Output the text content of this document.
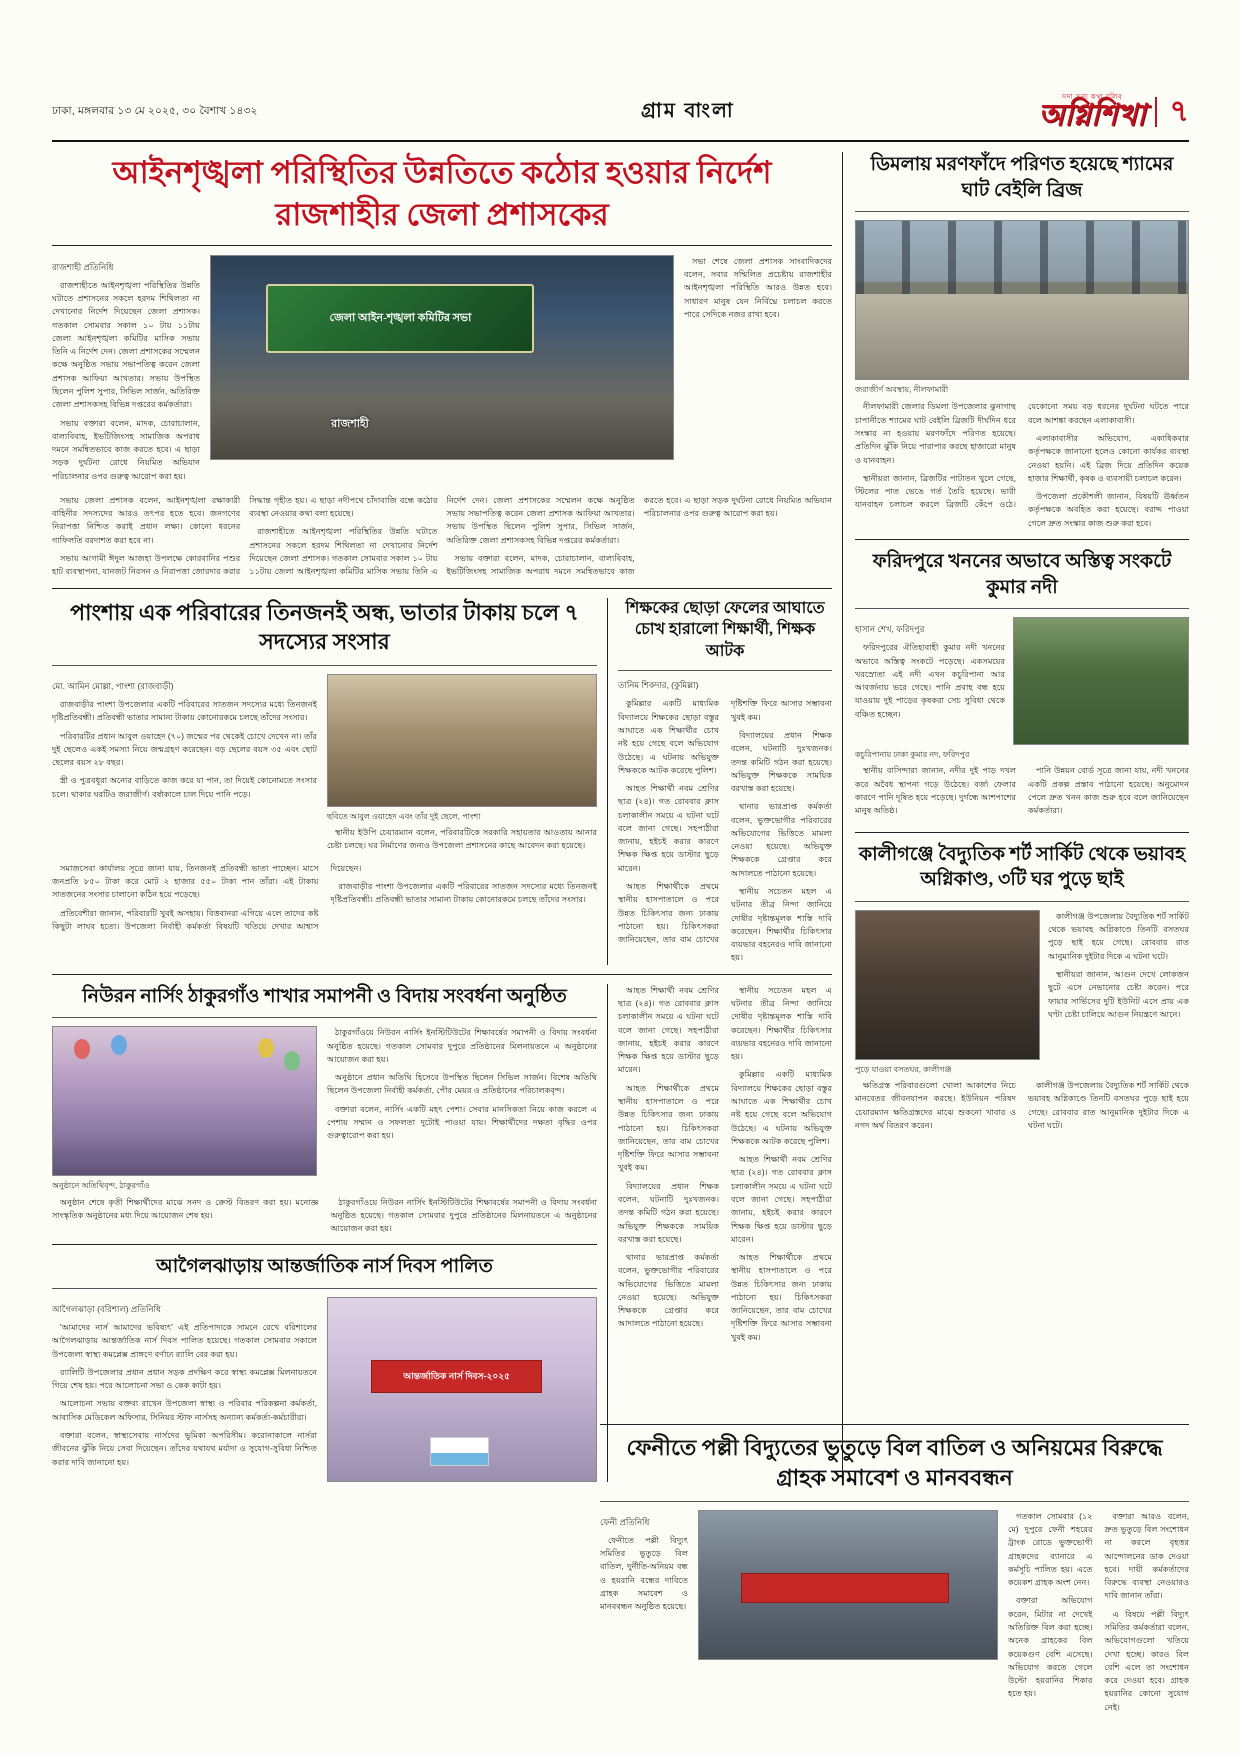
ঢাকা, মঙ্গলবার ১৩ মে ২০২৫, ৩০ বৈশাখ ১৪৩২	গ্রাম বাংলা
সদা সত্য কথা বলিব
অগ্নিশিখা ৭
আইনশৃঙ্খলা পরিস্থিতির উন্নতিতে কঠোর হওয়ার নির্দেশ রাজশাহীর জেলা প্রশাসকের
রাজশাহী প্রতিনিধি

রাজশাহীতে আইনশৃঙ্খলা পরিস্থিতির উন্নতি ঘটাতে প্রশাসনের সকলে হরদম শিথিলতা না দেখানোর নির্দেশ দিয়েছেন জেলা প্রশাসক। গতকাল সোমবার সকাল ১০ টায় ১১টায় জেলা আইনশৃঙ্খলা কমিটির মাসিক সভায় তিনি এ নির্দেশ দেন। জেলা প্রশাসকের সম্মেলন কক্ষে অনুষ্ঠিত সভায় সভাপতিত্ব করেন জেলা প্রশাসক আফিয়া আখতার। সভায় উপস্থিত ছিলেন পুলিশ সুপার, সিভিল সার্জন, অতিরিক্ত জেলা প্রশাসকসহ বিভিন্ন দপ্তরের কর্মকর্তারা।

সভায় বক্তারা বলেন, মাদক, চোরাচালান, বাল্যবিবাহ, ইভটিজিংসহ সামাজিক অপরাধ দমনে সমন্বিতভাবে কাজ করতে হবে। এ ছাড়া সড়ক দুর্ঘটনা রোধে নিয়মিত অভিযান পরিচালনার ওপর গুরুত্ব আরোপ করা হয়।

জেলা আইন-শৃঙ্খলা কমিটির সভা
রাজশাহী

সভা শেষে জেলা প্রশাসক সাংবাদিকদের বলেন, সবার সম্মিলিত প্রচেষ্টায় রাজশাহীর আইনশৃঙ্খলা পরিস্থিতি আরও উন্নত হবে। সাধারণ মানুষ যেন নির্বিঘ্নে চলাচল করতে পারে সেদিকে নজর রাখা হবে।

সভায় জেলা প্রশাসক বলেন, আইনশৃঙ্খলা রক্ষাকারী বাহিনীর সদস্যদের আরও তৎপর হতে হবে। জনগণের নিরাপত্তা নিশ্চিত করাই প্রধান লক্ষ্য। কোনো ধরনের গাফিলতি বরদাশত করা হবে না।

সভায় আগামী ঈদুল আজহা উপলক্ষে কোরবানির পশুর হাট ব্যবস্থাপনা, যানজট নিরসন ও নিরাপত্তা জোরদার করার সিদ্ধান্ত গৃহীত হয়। এ ছাড়া নদীপথে চাঁদাবাজি বন্ধে কঠোর ব্যবস্থা নেওয়ার কথা বলা হয়েছে।

রাজশাহীতে আইনশৃঙ্খলা পরিস্থিতির উন্নতি ঘটাতে প্রশাসনের সকলে হরদম শিথিলতা না দেখানোর নির্দেশ দিয়েছেন জেলা প্রশাসক। গতকাল সোমবার সকাল ১০ টায় ১১টায় জেলা আইনশৃঙ্খলা কমিটির মাসিক সভায় তিনি এ নির্দেশ দেন। জেলা প্রশাসকের সম্মেলন কক্ষে অনুষ্ঠিত সভায় সভাপতিত্ব করেন জেলা প্রশাসক আফিয়া আখতার। সভায় উপস্থিত ছিলেন পুলিশ সুপার, সিভিল সার্জন, অতিরিক্ত জেলা প্রশাসকসহ বিভিন্ন দপ্তরের কর্মকর্তারা।

সভায় বক্তারা বলেন, মাদক, চোরাচালান, বাল্যবিবাহ, ইভটিজিংসহ সামাজিক অপরাধ দমনে সমন্বিতভাবে কাজ করতে হবে। এ ছাড়া সড়ক দুর্ঘটনা রোধে নিয়মিত অভিযান পরিচালনার ওপর গুরুত্ব আরোপ করা হয়।

পাংশায় এক পরিবারের তিনজনই অন্ধ, ভাতার টাকায় চলে ৭ সদস্যের সংসার
মো. আমিন মোল্লা, পাংশা (রাজবাড়ী)

রাজবাড়ীর পাংশা উপজেলার একটি পরিবারের সাতজন সদস্যের মধ্যে তিনজনই দৃষ্টিপ্রতিবন্ধী। প্রতিবন্ধী ভাতার সামান্য টাকায় কোনোরকমে চলছে তাঁদের সংসার।

পরিবারটির প্রধান আবুল ওয়াহেদ (৭০) জন্মের পর থেকেই চোখে দেখেন না। তাঁর দুই ছেলেও একই সমস্যা নিয়ে জন্মগ্রহণ করেছেন। বড় ছেলের বয়স ৩৫ এবং ছোট ছেলের বয়স ২৮ বছর।

স্ত্রী ও পুত্রবধূরা অন্যের বাড়িতে কাজ করে যা পান, তা দিয়েই কোনোমতে সংসার চলে। থাকার ঘরটিও জরাজীর্ণ। বর্ষাকালে চাল দিয়ে পানি পড়ে।

ছবিতে আবুল ওয়াহেদ এবং তাঁর দুই ছেলে, পাংশা

স্থানীয় ইউপি চেয়ারম্যান বলেন, পরিবারটিকে সরকারি সহায়তার আওতায় আনার চেষ্টা চলছে। ঘর নির্মাণের জন্যও উপজেলা প্রশাসনের কাছে আবেদন করা হয়েছে।

সমাজসেবা কার্যালয় সূত্রে জানা যায়, তিনজনই প্রতিবন্ধী ভাতা পাচ্ছেন। মাসে জনপ্রতি ৮৫০ টাকা করে মোট ২ হাজার ৫৫০ টাকা পান তাঁরা। এই টাকায় সাতজনের সংসার চালানো কঠিন হয়ে পড়েছে।

প্রতিবেশীরা জানান, পরিবারটি খুবই অসহায়। বিত্তবানরা এগিয়ে এলে তাদের কষ্ট কিছুটা লাঘব হতো। উপজেলা নির্বাহী কর্মকর্তা বিষয়টি খতিয়ে দেখার আশ্বাস দিয়েছেন।

রাজবাড়ীর পাংশা উপজেলার একটি পরিবারের সাতজন সদস্যের মধ্যে তিনজনই দৃষ্টিপ্রতিবন্ধী। প্রতিবন্ধী ভাতার সামান্য টাকায় কোনোরকমে চলছে তাঁদের সংসার।

শিক্ষকের ছোড়া ফেলের আঘাতে চোখ হারালো শিক্ষার্থী, শিক্ষক আটক
তানিম শিকদার, (কুমিল্লা)

কুমিল্লার একটি মাধ্যমিক বিদ্যালয়ে শিক্ষকের ছোড়া বস্তুর আঘাতে এক শিক্ষার্থীর চোখ নষ্ট হয়ে গেছে বলে অভিযোগ উঠেছে। এ ঘটনায় অভিযুক্ত শিক্ষককে আটক করেছে পুলিশ।

আহত শিক্ষার্থী নবম শ্রেণির ছাত্র (২৪)। গত রোববার ক্লাস চলাকালীন সময়ে এ ঘটনা ঘটে বলে জানা গেছে। সহপাঠীরা জানায়, হইচই করার কারণে শিক্ষক ক্ষিপ্ত হয়ে ডাস্টার ছুড়ে মারেন।

আহত শিক্ষার্থীকে প্রথমে স্থানীয় হাসপাতালে ও পরে উন্নত চিকিৎসার জন্য ঢাকায় পাঠানো হয়। চিকিৎসকরা জানিয়েছেন, তার বাম চোখের দৃষ্টিশক্তি ফিরে আসার সম্ভাবনা খুবই কম।

বিদ্যালয়ের প্রধান শিক্ষক বলেন, ঘটনাটি দুঃখজনক। তদন্ত কমিটি গঠন করা হয়েছে। অভিযুক্ত শিক্ষককে সাময়িক বরখাস্ত করা হয়েছে।

থানার ভারপ্রাপ্ত কর্মকর্তা বলেন, ভুক্তভোগীর পরিবারের অভিযোগের ভিত্তিতে মামলা নেওয়া হয়েছে। অভিযুক্ত শিক্ষককে গ্রেপ্তার করে আদালতে পাঠানো হয়েছে।

স্থানীয় সচেতন মহল এ ঘটনার তীব্র নিন্দা জানিয়ে দোষীর দৃষ্টান্তমূলক শাস্তি দাবি করেছেন। শিক্ষার্থীর চিকিৎসার ব্যয়ভার বহনেরও দাবি জানানো হয়।

নিউরন নার্সিং ঠাকুরগাঁও শাখার সমাপনী ও বিদায় সংবর্ধনা অনুষ্ঠিত
অনুষ্ঠানে অতিথিবৃন্দ, ঠাকুরগাঁও

ঠাকুরগাঁওয়ে নিউরন নার্সিং ইনস্টিটিউটের শিক্ষাবর্ষের সমাপনী ও বিদায় সংবর্ধনা অনুষ্ঠিত হয়েছে। গতকাল সোমবার দুপুরে প্রতিষ্ঠানের মিলনায়তনে এ অনুষ্ঠানের আয়োজন করা হয়।

অনুষ্ঠানে প্রধান অতিথি হিসেবে উপস্থিত ছিলেন সিভিল সার্জন। বিশেষ অতিথি ছিলেন উপজেলা নির্বাহী কর্মকর্তা, পৌর মেয়র ও প্রতিষ্ঠানের পরিচালকবৃন্দ।

বক্তারা বলেন, নার্সিং একটি মহৎ পেশা। সেবার মানসিকতা নিয়ে কাজ করলে এ পেশায় সম্মান ও সফলতা দুটোই পাওয়া যায়। শিক্ষার্থীদের দক্ষতা বৃদ্ধির ওপর গুরুত্বারোপ করা হয়।

অনুষ্ঠান শেষে কৃতী শিক্ষার্থীদের মাঝে সনদ ও ক্রেস্ট বিতরণ করা হয়। মনোজ্ঞ সাংস্কৃতিক অনুষ্ঠানের মধ্য দিয়ে আয়োজন শেষ হয়।

ঠাকুরগাঁওয়ে নিউরন নার্সিং ইনস্টিটিউটের শিক্ষাবর্ষের সমাপনী ও বিদায় সংবর্ধনা অনুষ্ঠিত হয়েছে। গতকাল সোমবার দুপুরে প্রতিষ্ঠানের মিলনায়তনে এ অনুষ্ঠানের আয়োজন করা হয়।

আগৈলঝাড়ায় আন্তর্জাতিক নার্স দিবস পালিত
আগৈলঝাড়া (বরিশাল) প্রতিনিধি

'আমাদের নার্স আমাদের ভবিষ্যৎ' এই প্রতিপাদ্যকে সামনে রেখে বরিশালের আগৈলঝাড়ায় আন্তর্জাতিক নার্স দিবস পালিত হয়েছে। গতকাল সোমবার সকালে উপজেলা স্বাস্থ্য কমপ্লেক্স প্রাঙ্গণে বর্ণাঢ্য র‍্যালি বের করা হয়।

র‍্যালিটি উপজেলার প্রধান প্রধান সড়ক প্রদক্ষিণ করে স্বাস্থ্য কমপ্লেক্স মিলনায়তনে গিয়ে শেষ হয়। পরে আলোচনা সভা ও কেক কাটা হয়।

আলোচনা সভায় বক্তব্য রাখেন উপজেলা স্বাস্থ্য ও পরিবার পরিকল্পনা কর্মকর্তা, আবাসিক মেডিকেল অফিসার, সিনিয়র স্টাফ নার্সসহ অন্যান্য কর্মকর্তা-কর্মচারীরা।

বক্তারা বলেন, স্বাস্থ্যসেবায় নার্সদের ভূমিকা অপরিসীম। করোনাকালে নার্সরা জীবনের ঝুঁকি নিয়ে সেবা দিয়েছেন। তাঁদের যথাযথ মর্যাদা ও সুযোগ-সুবিধা নিশ্চিত করার দাবি জানানো হয়।

আন্তর্জাতিক নার্স দিবস-২০২৫

আহত শিক্ষার্থী নবম শ্রেণির ছাত্র (২৪)। গত রোববার ক্লাস চলাকালীন সময়ে এ ঘটনা ঘটে বলে জানা গেছে। সহপাঠীরা জানায়, হইচই করার কারণে শিক্ষক ক্ষিপ্ত হয়ে ডাস্টার ছুড়ে মারেন।

আহত শিক্ষার্থীকে প্রথমে স্থানীয় হাসপাতালে ও পরে উন্নত চিকিৎসার জন্য ঢাকায় পাঠানো হয়। চিকিৎসকরা জানিয়েছেন, তার বাম চোখের দৃষ্টিশক্তি ফিরে আসার সম্ভাবনা খুবই কম।

বিদ্যালয়ের প্রধান শিক্ষক বলেন, ঘটনাটি দুঃখজনক। তদন্ত কমিটি গঠন করা হয়েছে। অভিযুক্ত শিক্ষককে সাময়িক বরখাস্ত করা হয়েছে।

থানার ভারপ্রাপ্ত কর্মকর্তা বলেন, ভুক্তভোগীর পরিবারের অভিযোগের ভিত্তিতে মামলা নেওয়া হয়েছে। অভিযুক্ত শিক্ষককে গ্রেপ্তার করে আদালতে পাঠানো হয়েছে।

স্থানীয় সচেতন মহল এ ঘটনার তীব্র নিন্দা জানিয়ে দোষীর দৃষ্টান্তমূলক শাস্তি দাবি করেছেন। শিক্ষার্থীর চিকিৎসার ব্যয়ভার বহনেরও দাবি জানানো হয়।

কুমিল্লার একটি মাধ্যমিক বিদ্যালয়ে শিক্ষকের ছোড়া বস্তুর আঘাতে এক শিক্ষার্থীর চোখ নষ্ট হয়ে গেছে বলে অভিযোগ উঠেছে। এ ঘটনায় অভিযুক্ত শিক্ষককে আটক করেছে পুলিশ।

আহত শিক্ষার্থী নবম শ্রেণির ছাত্র (২৪)। গত রোববার ক্লাস চলাকালীন সময়ে এ ঘটনা ঘটে বলে জানা গেছে। সহপাঠীরা জানায়, হইচই করার কারণে শিক্ষক ক্ষিপ্ত হয়ে ডাস্টার ছুড়ে মারেন।

আহত শিক্ষার্থীকে প্রথমে স্থানীয় হাসপাতালে ও পরে উন্নত চিকিৎসার জন্য ঢাকায় পাঠানো হয়। চিকিৎসকরা জানিয়েছেন, তার বাম চোখের দৃষ্টিশক্তি ফিরে আসার সম্ভাবনা খুবই কম।

ডিমলায় মরণফাঁদে পরিণত হয়েছে শ্যামের ঘাট বেইলি ব্রিজ
জরাজীর্ণ অবস্থায়, নীলফামারী

নীলফামারী জেলার ডিমলা উপজেলার ঝুনাগাছ চাপানীতে শ্যামের ঘাট বেইলি ব্রিজটি দীর্ঘদিন ধরে সংস্কার না হওয়ায় মরণফাঁদে পরিণত হয়েছে। প্রতিদিন ঝুঁকি নিয়ে পারাপার করছে হাজারো মানুষ ও যানবাহন।

স্থানীয়রা জানান, ব্রিজটির পাটাতন খুলে গেছে, স্টিলের পাত ভেঙে গর্ত তৈরি হয়েছে। ভারী যানবাহন চলাচল করলে ব্রিজটি কেঁপে ওঠে। যেকোনো সময় বড় ধরনের দুর্ঘটনা ঘটতে পারে বলে আশঙ্কা করছেন এলাকাবাসী।

এলাকাবাসীর অভিযোগ, একাধিকবার কর্তৃপক্ষকে জানানো হলেও কোনো কার্যকর ব্যবস্থা নেওয়া হয়নি। এই ব্রিজ দিয়ে প্রতিদিন কয়েক হাজার শিক্ষার্থী, কৃষক ও ব্যবসায়ী চলাচল করেন।

উপজেলা প্রকৌশলী জানান, বিষয়টি ঊর্ধ্বতন কর্তৃপক্ষকে অবহিত করা হয়েছে। বরাদ্দ পাওয়া গেলে দ্রুত সংস্কার কাজ শুরু করা হবে।

ফরিদপুরে খননের অভাবে অস্তিত্ব সংকটে কুমার নদী
হাসান শেখ, ফরিদপুর

ফরিদপুরের ঐতিহ্যবাহী কুমার নদী খননের অভাবে অস্তিত্ব সংকটে পড়েছে। একসময়ের খরস্রোতা এই নদী এখন কচুরিপানা আর আবর্জনায় ভরে গেছে। পানি প্রবাহ বন্ধ হয়ে যাওয়ায় দুই পাড়ের কৃষকরা সেচ সুবিধা থেকে বঞ্চিত হচ্ছেন।

কচুরিপানায় ঢাকা কুমার নদ, ফরিদপুর

স্থানীয় বাসিন্দারা জানান, নদীর দুই পাড় দখল করে অবৈধ স্থাপনা গড়ে উঠেছে। বর্জ্য ফেলার কারণে পানি দূষিত হয়ে পড়েছে। দুর্গন্ধে আশপাশের মানুষ অতিষ্ঠ।

পানি উন্নয়ন বোর্ড সূত্রে জানা যায়, নদী খননের একটি প্রকল্প প্রস্তাব পাঠানো হয়েছে। অনুমোদন পেলে দ্রুত খনন কাজ শুরু হবে বলে জানিয়েছেন কর্মকর্তারা।

কালীগঞ্জে বৈদ্যুতিক শর্ট সার্কিট থেকে ভয়াবহ অগ্নিকাণ্ড, ৩টি ঘর পুড়ে ছাই
পুড়ে যাওয়া বসতঘর, কালীগঞ্জ

কালীগঞ্জ উপজেলায় বৈদ্যুতিক শর্ট সার্কিট থেকে ভয়াবহ অগ্নিকাণ্ডে তিনটি বসতঘর পুড়ে ছাই হয়ে গেছে। রোববার রাত আনুমানিক দুইটার দিকে এ ঘটনা ঘটে।

স্থানীয়রা জানান, আগুন দেখে লোকজন ছুটে এসে নেভানোর চেষ্টা করেন। পরে ফায়ার সার্ভিসের দুটি ইউনিট এসে প্রায় এক ঘণ্টা চেষ্টা চালিয়ে আগুন নিয়ন্ত্রণে আনে।

ক্ষতিগ্রস্ত পরিবারগুলো খোলা আকাশের নিচে মানবেতর জীবনযাপন করছে। ইউনিয়ন পরিষদ চেয়ারম্যান ক্ষতিগ্রস্তদের মাঝে শুকনো খাবার ও নগদ অর্থ বিতরণ করেন।

কালীগঞ্জ উপজেলায় বৈদ্যুতিক শর্ট সার্কিট থেকে ভয়াবহ অগ্নিকাণ্ডে তিনটি বসতঘর পুড়ে ছাই হয়ে গেছে। রোববার রাত আনুমানিক দুইটার দিকে এ ঘটনা ঘটে।

ফেনীতে পল্লী বিদ্যুতের ভুতুড়ে বিল বাতিল ও অনিয়মের বিরুদ্ধে গ্রাহক সমাবেশ ও মানববন্ধন
ফেনী প্রতিনিধি

ফেনীতে পল্লী বিদ্যুৎ সমিতির ভুতুড়ে বিল বাতিল, দুর্নীতি-অনিয়ম বন্ধ ও হয়রানি বন্ধের দাবিতে গ্রাহক সমাবেশ ও মানববন্ধন অনুষ্ঠিত হয়েছে।

গতকাল সোমবার (১২ মে) দুপুরে ফেনী শহরের ট্রাংক রোডে ভুক্তভোগী গ্রাহকদের ব্যানারে এ কর্মসূচি পালিত হয়। এতে কয়েকশ গ্রাহক অংশ নেন।

বক্তারা অভিযোগ করেন, মিটার না দেখেই অতিরিক্ত বিল করা হচ্ছে। অনেক গ্রাহকের বিল কয়েকগুণ বেশি এসেছে। অভিযোগ করতে গেলে উল্টো হয়রানির শিকার হতে হয়।

বক্তারা আরও বলেন, দ্রুত ভুতুড়ে বিল সংশোধন না করলে বৃহত্তর আন্দোলনের ডাক দেওয়া হবে। দায়ী কর্মকর্তাদের বিরুদ্ধে ব্যবস্থা নেওয়ারও দাবি জানান তাঁরা।

এ বিষয়ে পল্লী বিদ্যুৎ সমিতির কর্মকর্তারা বলেন, অভিযোগগুলো খতিয়ে দেখা হচ্ছে। কারও বিল বেশি এলে তা সংশোধন করে দেওয়া হবে। গ্রাহক হয়রানির কোনো সুযোগ নেই।
